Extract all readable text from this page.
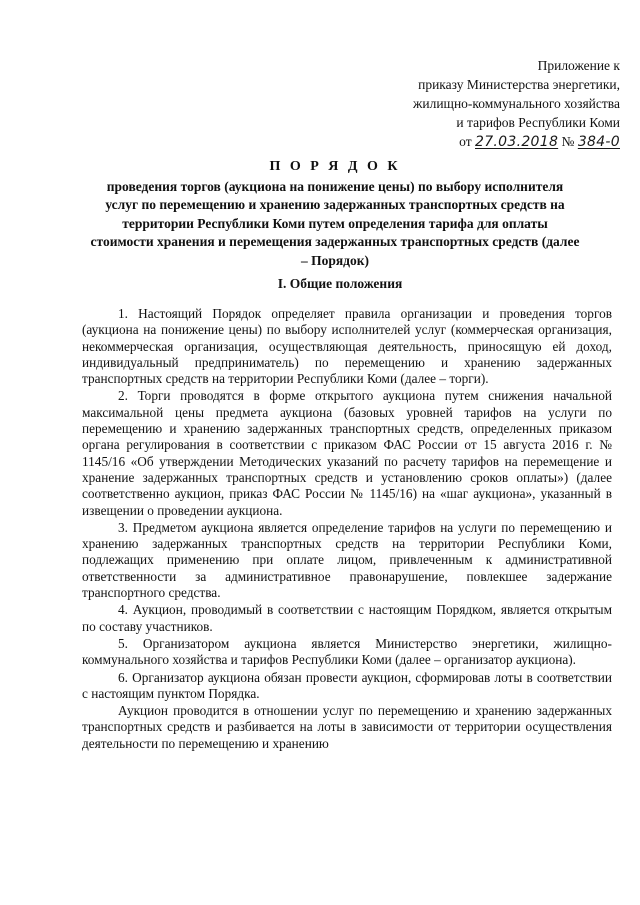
Приложение к
приказу Министерства энергетики,
жилищно-коммунального хозяйства
и тарифов Республики Коми
от 27.03.2018 № 384-0
П О Р Я Д О К
проведения торгов (аукциона на понижение цены) по выбору исполнителя услуг по перемещению и хранению задержанных транспортных средств на территории Республики Коми путем определения тарифа для оплаты стоимости хранения и перемещения задержанных транспортных средств (далее – Порядок)
I. Общие положения

1. Настоящий Порядок определяет правила организации и проведения торгов (аукциона на понижение цены) по выбору исполнителей услуг (коммерческая организация, некоммерческая организация, осуществляющая деятельность, приносящую ей доход, индивидуальный предприниматель) по перемещению и хранению задержанных транспортных средств на территории Республики Коми (далее – торги).

2. Торги проводятся в форме открытого аукциона путем снижения начальной максимальной цены предмета аукциона (базовых уровней тарифов на услуги по перемещению и хранению задержанных транспортных средств, определенных приказом органа регулирования в соответствии с приказом ФАС России от 15 августа 2016 г. № 1145/16 «Об утверждении Методических указаний по расчету тарифов на перемещение и хранение задержанных транспортных средств и установлению сроков оплаты») (далее соответственно аукцион, приказ ФАС России № 1145/16) на «шаг аукциона», указанный в извещении о проведении аукциона.

3. Предметом аукциона является определение тарифов на услуги по перемещению и хранению задержанных транспортных средств на территории Республики Коми, подлежащих применению при оплате лицом, привлеченным к административной ответственности за административное правонарушение, повлекшее задержание транспортного средства.

4. Аукцион, проводимый в соответствии с настоящим Порядком, является открытым по составу участников.

5. Организатором аукциона является Министерство энергетики, жилищно-коммунального хозяйства и тарифов Республики Коми (далее – организатор аукциона).

6. Организатор аукциона обязан провести аукцион, сформировав лоты в соответствии с настоящим пунктом Порядка.

Аукцион проводится в отношении услуг по перемещению и хранению задержанных транспортных средств и разбивается на лоты в зависимости от территории осуществления деятельности по перемещению и хранению
